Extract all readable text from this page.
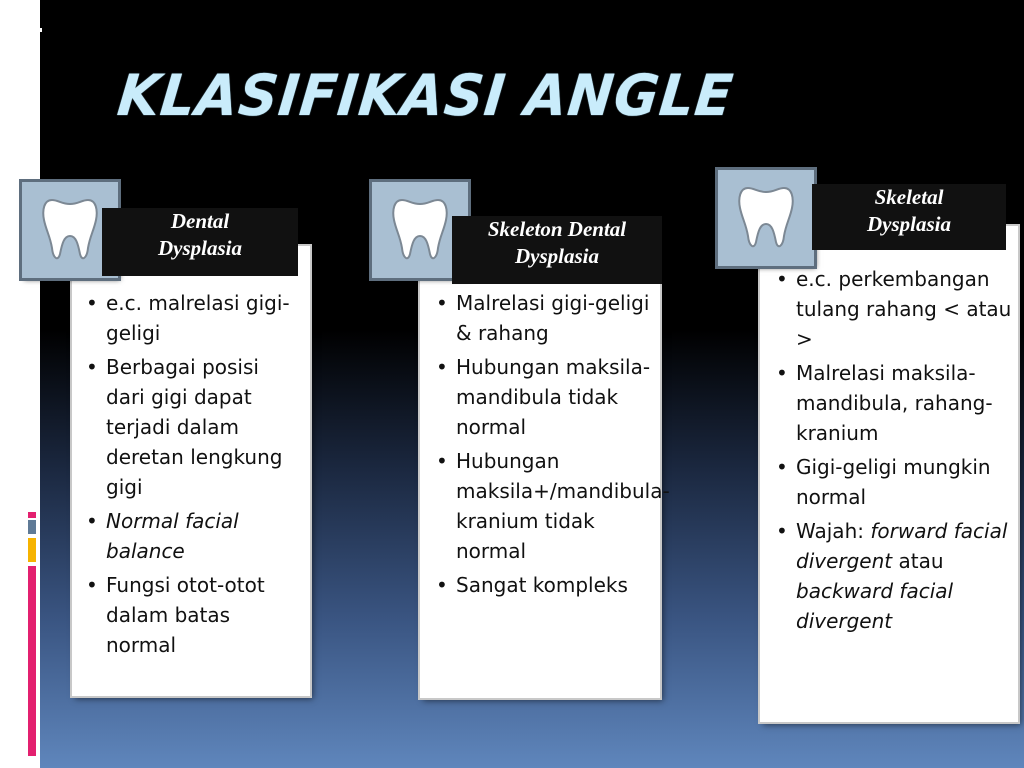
KLASIFIKASI ANGLE
• e.c. malrelasi gigi-geligi
• Berbagai posisi dari gigi dapat terjadi dalam deretan lengkung gigi
• Normal facial balance
• Fungsi otot-otot dalam batas normal
Dental
Dysplasia
• Malrelasi gigi-geligi & rahang
• Hubungan maksila-mandibula tidak normal
• Hubungan maksila+/mandibula-kranium tidak normal
• Sangat kompleks
Skeleton Dental
Dysplasia
• e.c. perkembangan tulang rahang < atau >
• Malrelasi maksila-mandibula, rahang-kranium
• Gigi-geligi mungkin normal
• Wajah: forward facial divergent atau backward facial divergent
Skeletal
Dysplasia
